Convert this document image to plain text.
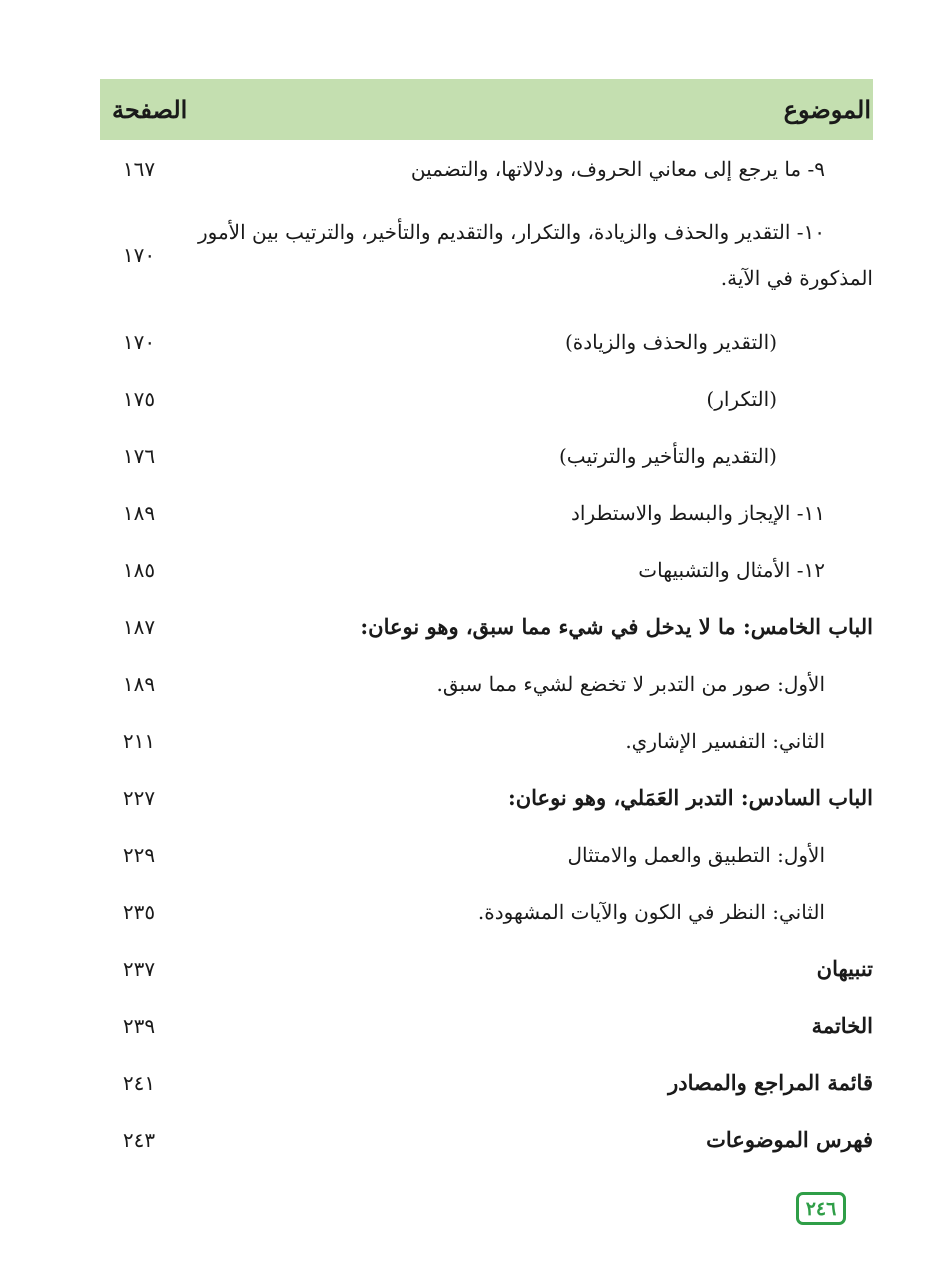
الموضوع
الصفحة
٩- ما يرجع إلى معاني الحروف، ودلالاتها، والتضمين
١٦٧
١٠- التقدير والحذف والزيادة، والتكرار، والتقديم والتأخير، والترتيب بين الأمور المذكورة في الآية.
١٧٠
(التقدير والحذف والزيادة)
١٧٠
(التكرار)
١٧٥
(التقديم والتأخير والترتيب)
١٧٦
١١- الإيجاز والبسط والاستطراد
١٨٩
١٢- الأمثال والتشبيهات
١٨٥
الباب الخامس: ما لا يدخل في شيء مما سبق، وهو نوعان:
١٨٧
الأول: صور من التدبر لا تخضع لشيء مما سبق.
١٨٩
الثاني: التفسير الإشاري.
٢١١
الباب السادس: التدبر العَمَلي، وهو نوعان:
٢٢٧
الأول: التطبيق والعمل والامتثال
٢٢٩
الثاني: النظر في الكون والآيات المشهودة.
٢٣٥
تنبيهان
٢٣٧
الخاتمة
٢٣٩
قائمة المراجع والمصادر
٢٤١
فهرس الموضوعات
٢٤٣
٢٤٦
